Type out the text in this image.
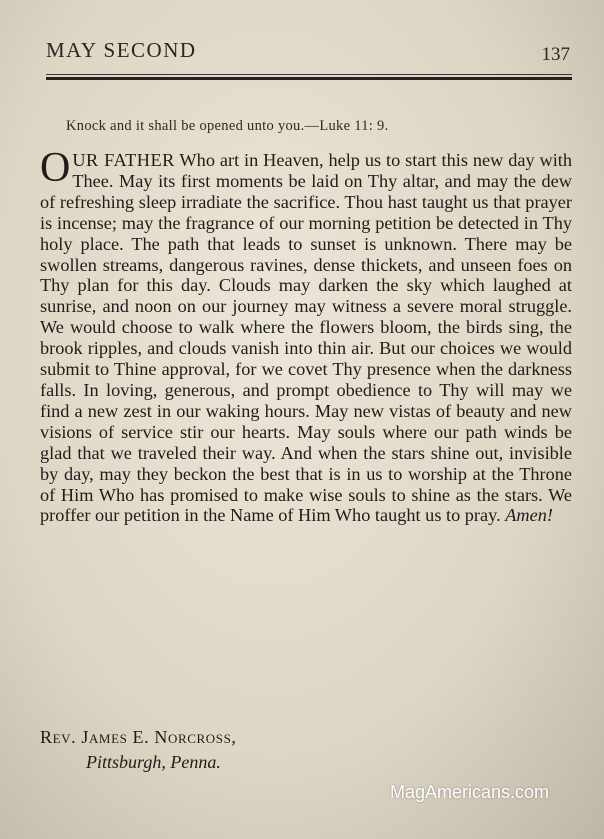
MAY SECOND	137
Knock and it shall be opened unto you.—Luke 11: 9.
OUR FATHER Who art in Heaven, help us to start this new day with Thee. May its first moments be laid on Thy altar, and may the dew of refreshing sleep irradiate the sacrifice. Thou hast taught us that prayer is incense; may the fragrance of our morning petition be detected in Thy holy place. The path that leads to sunset is unknown. There may be swollen streams, dangerous ravines, dense thickets, and unseen foes on Thy plan for this day. Clouds may darken the sky which laughed at sunrise, and noon on our journey may witness a severe moral struggle. We would choose to walk where the flowers bloom, the birds sing, the brook ripples, and clouds vanish into thin air. But our choices we would submit to Thine approval, for we covet Thy presence when the darkness falls. In loving, generous, and prompt obedience to Thy will may we find a new zest in our waking hours. May new vistas of beauty and new visions of service stir our hearts. May souls where our path winds be glad that we traveled their way. And when the stars shine out, invisible by day, may they beckon the best that is in us to worship at the Throne of Him Who has promised to make wise souls to shine as the stars. We proffer our petition in the Name of Him Who taught us to pray. Amen!
Rev. James E. Norcross,
Pittsburgh, Penna.
MagAmericans.com
